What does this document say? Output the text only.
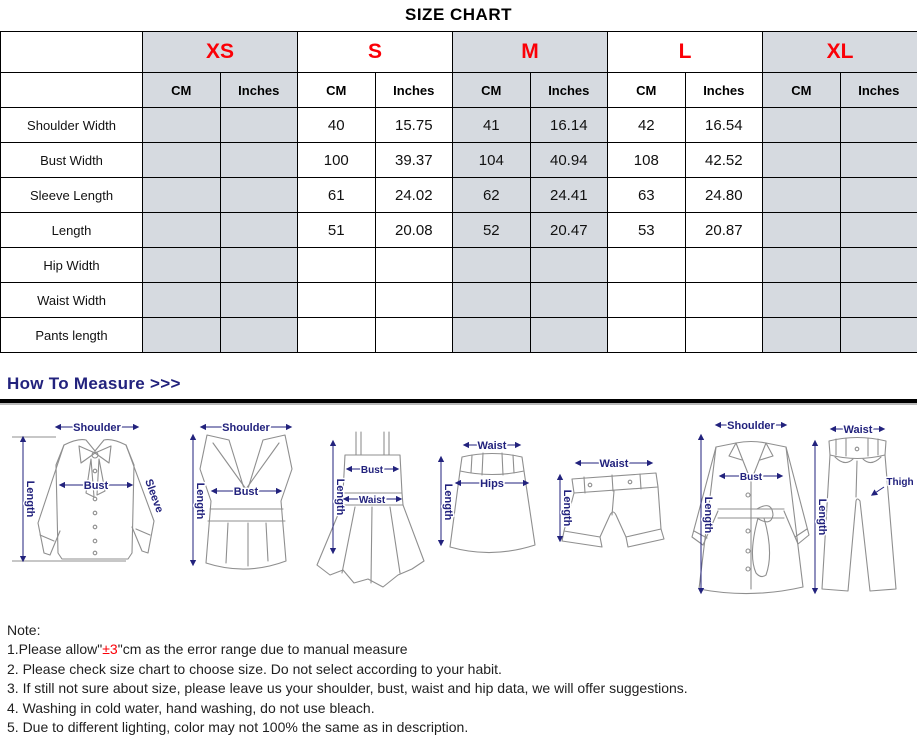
SIZE CHART
	XS		S		M		L		XL	
	CM	Inches	CM	Inches	CM	Inches	CM	Inches	CM	Inches
Shoulder Width			40	15.75	41	16.14	42	16.54		
Bust Width			100	39.37	104	40.94	108	42.52		
Sleeve Length			61	24.02	62	24.41	63	24.80		
Length			51	20.08	52	20.47	53	20.87		
Hip Width										
Waist Width										
Pants length										
How To Measure >>>
Shoulder
Length	Bust	Sleeve
Shoulder
Length	Bust	Length
Bust
Waist
Waist
Length Hips
Waist
Length
Shoulder
Length
Bust
Waist
Length
Thigh

Note:

1.Please allow"±3"cm as the error range due to manual measure

2. Please check size chart to choose size. Do not select according to your habit.

3. If still not sure about size, please leave us your shoulder, bust, waist and hip data, we will offer suggestions.

4. Washing in cold water, hand washing, do not use bleach.

5. Due to different lighting, color may not 100% the same as in description.
